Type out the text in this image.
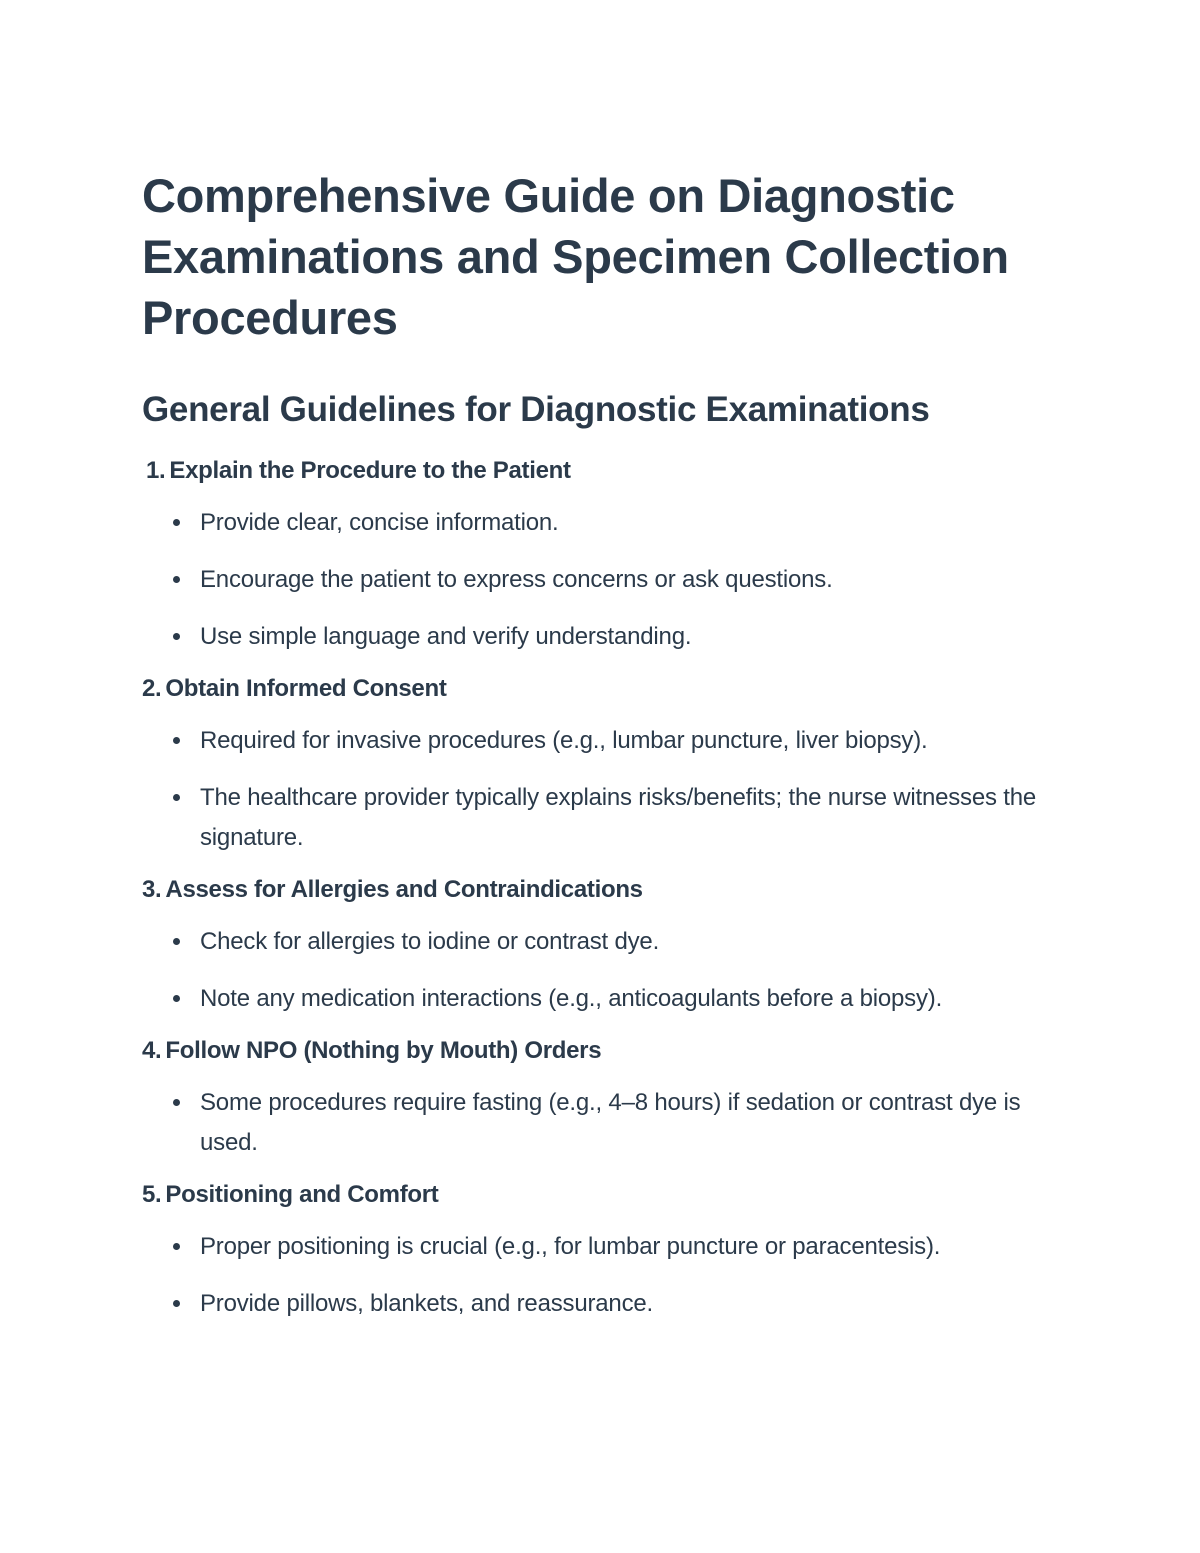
Comprehensive Guide on Diagnostic Examinations and Specimen Collection Procedures
General Guidelines for Diagnostic Examinations
1. Explain the Procedure to the Patient
Provide clear, concise information.
Encourage the patient to express concerns or ask questions.
Use simple language and verify understanding.
2. Obtain Informed Consent
Required for invasive procedures (e.g., lumbar puncture, liver biopsy).
The healthcare provider typically explains risks/benefits; the nurse witnesses the signature.
3. Assess for Allergies and Contraindications
Check for allergies to iodine or contrast dye.
Note any medication interactions (e.g., anticoagulants before a biopsy).
4. Follow NPO (Nothing by Mouth) Orders
Some procedures require fasting (e.g., 4–8 hours) if sedation or contrast dye is used.
5. Positioning and Comfort
Proper positioning is crucial (e.g., for lumbar puncture or paracentesis).
Provide pillows, blankets, and reassurance.
